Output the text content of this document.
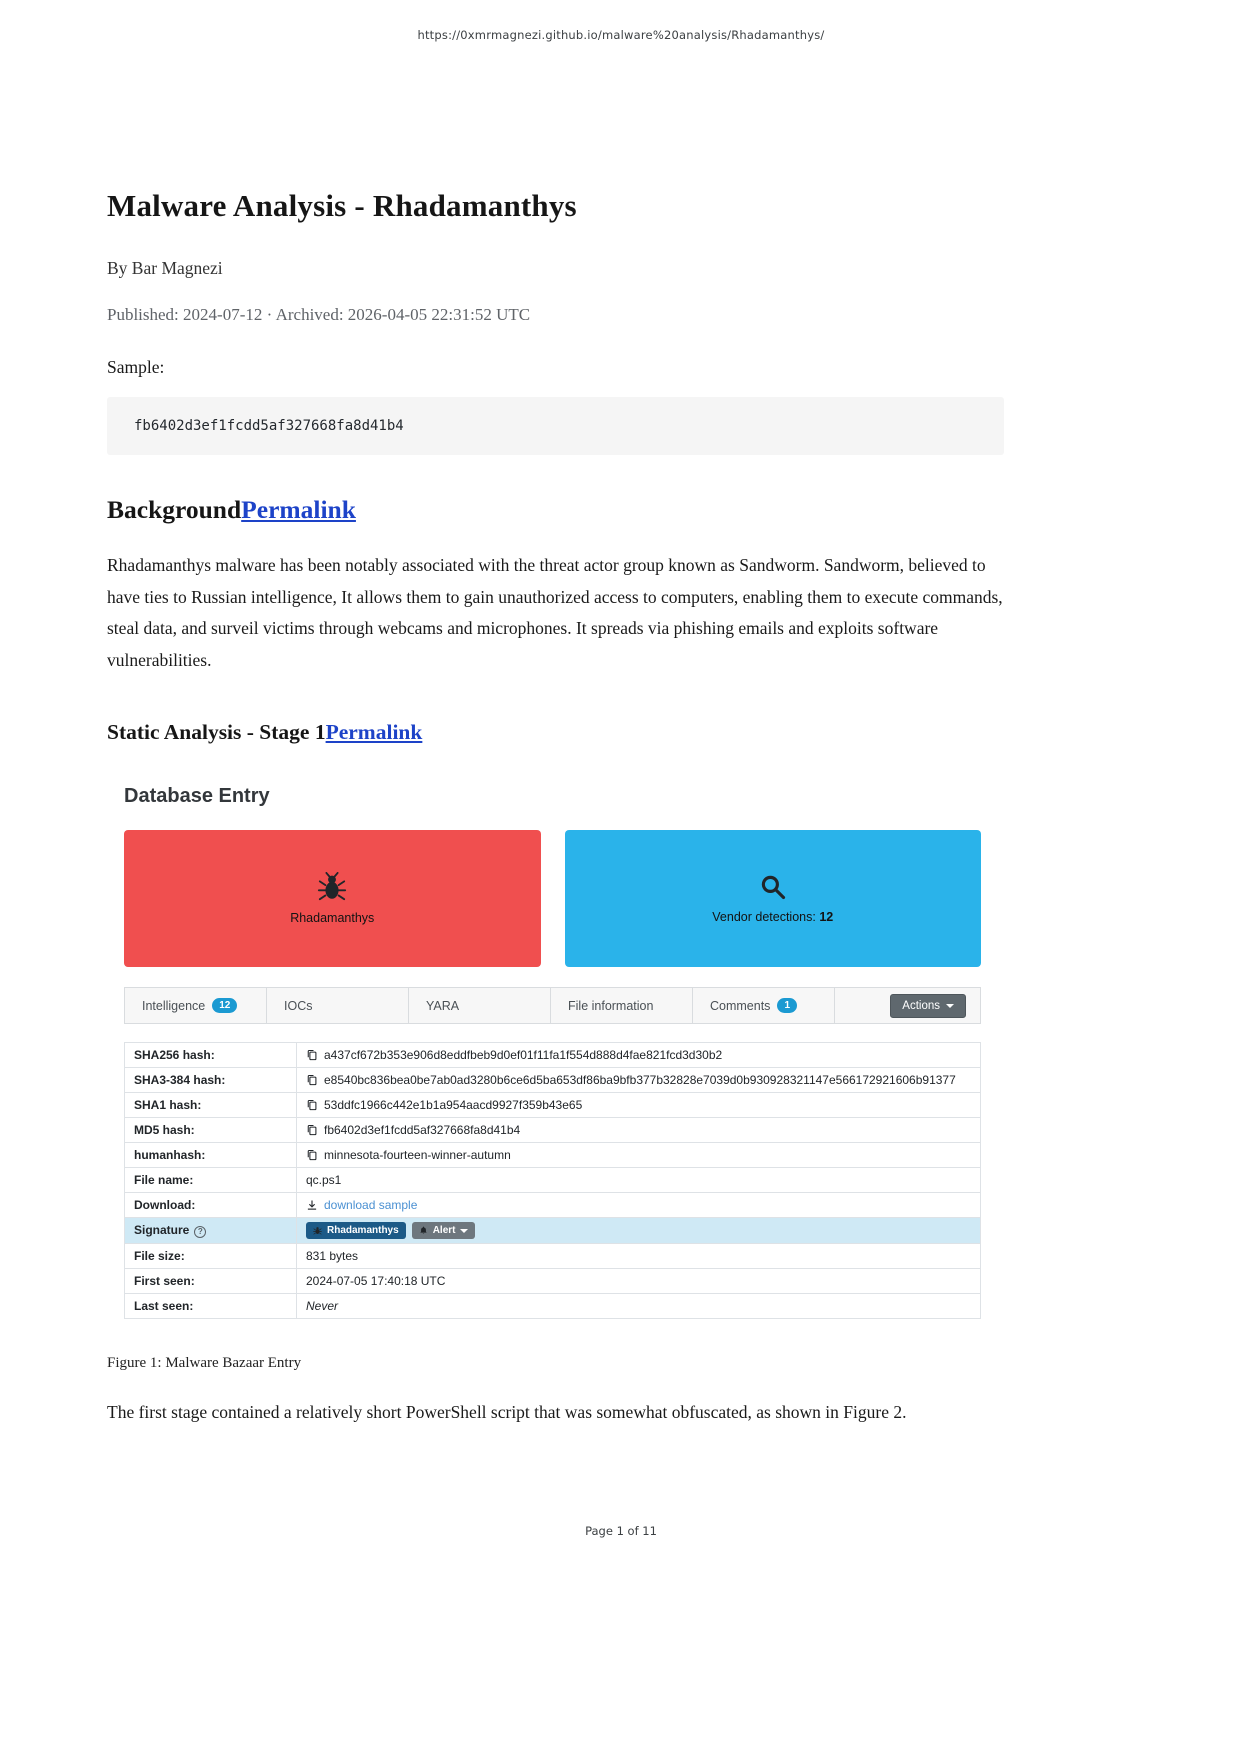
https://0xmrmagnezi.github.io/malware%20analysis/Rhadamanthys/
Malware Analysis - Rhadamanthys

By Bar Magnezi

Published: 2024-07-12 · Archived: 2026-04-05 22:31:52 UTC

Sample:

fb6402d3ef1fcdd5af327668fa8d41b4
BackgroundPermalink

Rhadamanthys malware has been notably associated with the threat actor group known as Sandworm. Sandworm, believed to have ties to Russian intelligence, It allows them to gain unauthorized access to computers, enabling them to execute commands, steal data, and surveil victims through webcams and microphones. It spreads via phishing emails and exploits software vulnerabilities.

Static Analysis - Stage 1Permalink
Database Entry
Rhadamanthys	Vendor detections: 12
Intelligence	12	IOCs	YARA	File information	Comments	1	Actions
SHA256 hash:	a437cf672b353e906d8eddfbeb9d0ef01f11fa1f554d888d4fae821fcd3d30b2

SHA3-384 hash:	e8540bc836bea0be7ab0ad3280b6ce6d5ba653df86ba9bfb377b32828e7039d0b930928321147e566172921606b91377

SHA1 hash:	53ddfc1966c442e1b1a954aacd9927f359b43e65

MD5 hash:	fb6402d3ef1fcdd5af327668fa8d41b4

humanhash:	minnesota-fourteen-winner-autumn

File name:	qc.ps1
Download:	download sample

Signature?	Rhadamanthys Alert

File size:	831 bytes
First seen:	2024-07-05 17:40:18 UTC
Last seen:	Never

Figure 1: Malware Bazaar Entry

The first stage contained a relatively short PowerShell script that was somewhat obfuscated, as shown in Figure 2.

Page 1 of 11
